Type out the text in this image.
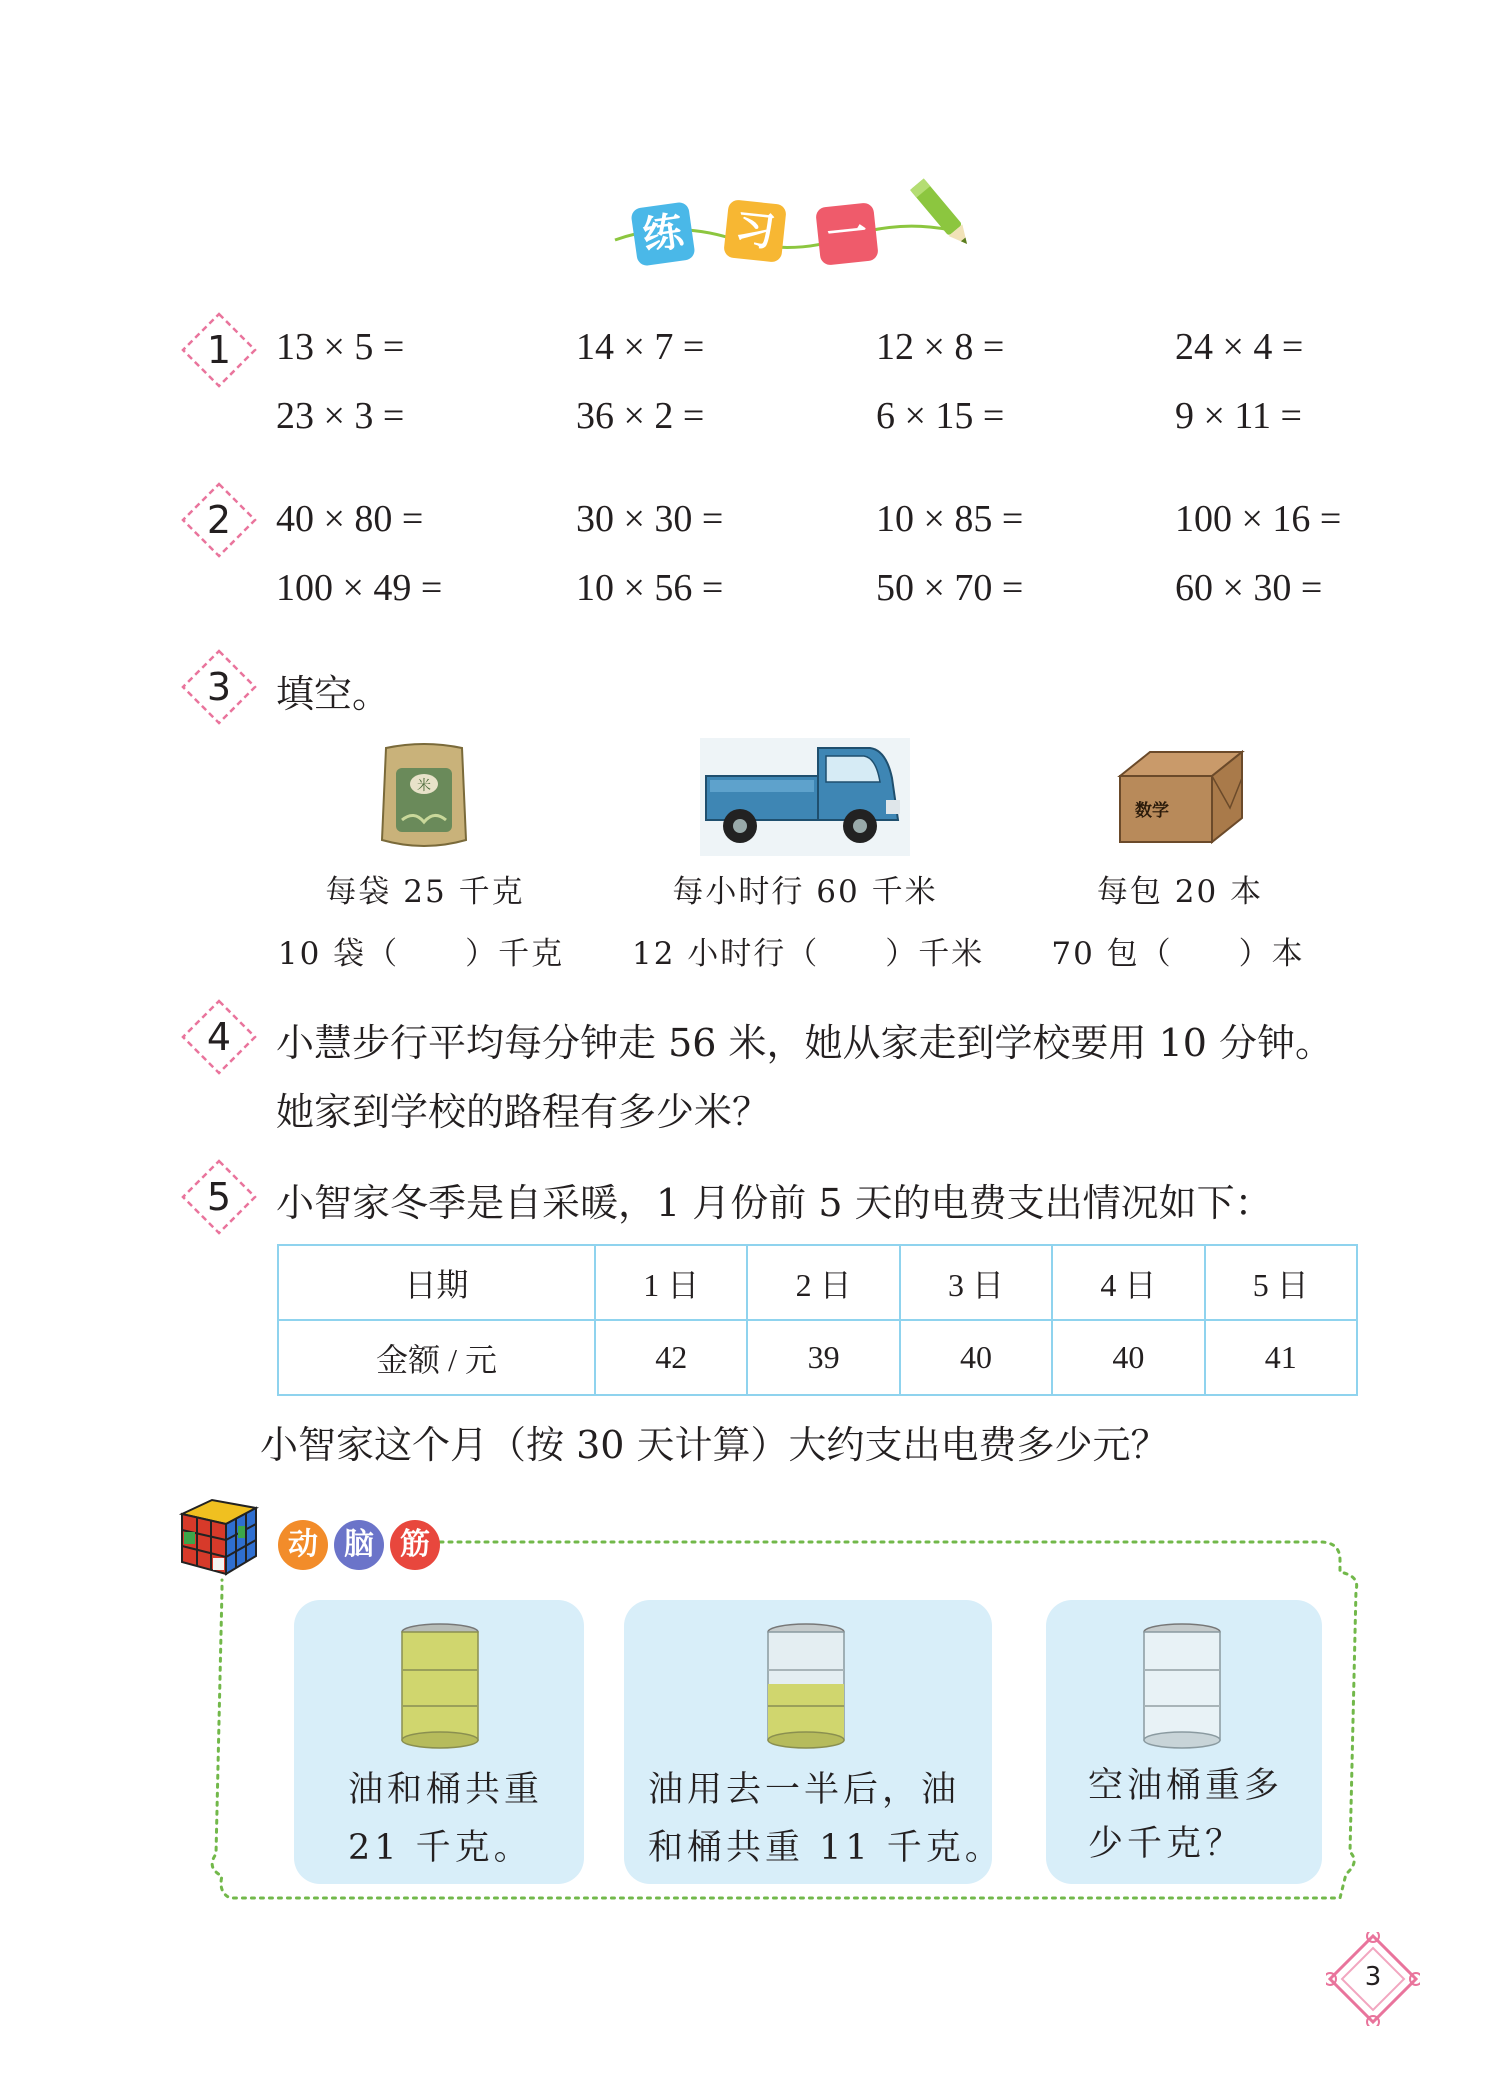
练 习 一
1
2
3
4
5
13 × 5 =	14 × 7 =	12 × 8 =	24 × 4 =
23 × 3 =	36 × 2 =	6 × 15 =	9 × 11 =
40 × 80 =	30 × 30 =	10 × 85 =	100 × 16 =
100 × 49 =	10 × 56 =	50 × 70 =	60 × 30 =
填空。
米
数学
每袋 25 千克	每小时行 60 千米	每包 20 本
10 袋（　　）千克 12 小时行（　　）千米 70 包（　　）本
小慧步行平均每分钟走 56 米，她从家走到学校要用 10 分钟。
她家到学校的路程有多少米？
小智家冬季是自采暖，1 月份前 5 天的电费支出情况如下：
日期	1 日	2 日	3 日	4 日	5 日
金额 / 元	42	39	40	40	41
小智家这个月（按 30 天计算）大约支出电费多少元？
动 脑 筋
油和桶共重
21 千克。
油用去一半后，油
和桶共重 11 千克。
空油桶重多
少千克？
3
